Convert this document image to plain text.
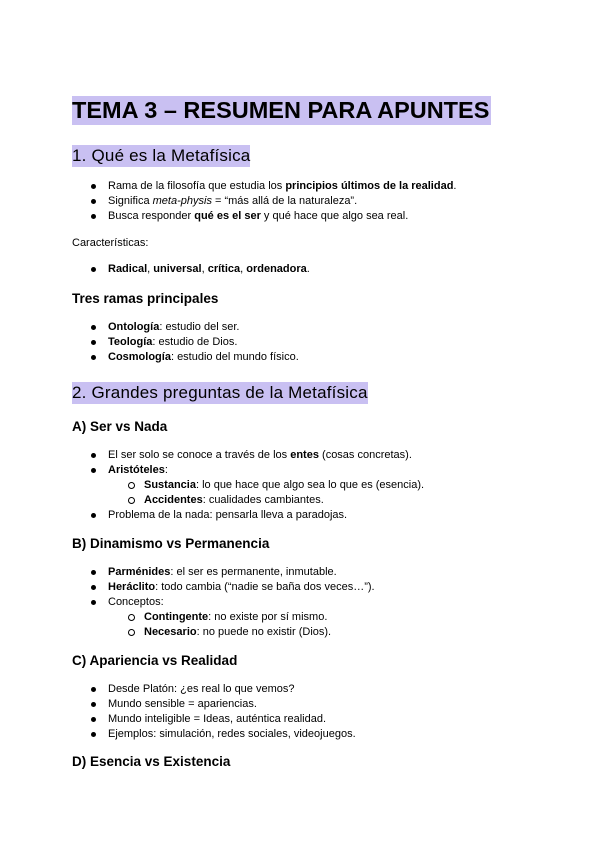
TEMA 3 – RESUMEN PARA APUNTES
1. Qué es la Metafísica
Rama de la filosofía que estudia los principios últimos de la realidad.
Significa meta-physis = “más allá de la naturaleza”.
Busca responder qué es el ser y qué hace que algo sea real.
Características:
Radical, universal, crítica, ordenadora.
Tres ramas principales
Ontología: estudio del ser.
Teología: estudio de Dios.
Cosmología: estudio del mundo físico.
2. Grandes preguntas de la Metafísica
A) Ser vs Nada
El ser solo se conoce a través de los entes (cosas concretas).
Aristóteles:
Sustancia: lo que hace que algo sea lo que es (esencia).
Accidentes: cualidades cambiantes.
Problema de la nada: pensarla lleva a paradojas.
B) Dinamismo vs Permanencia
Parménides: el ser es permanente, inmutable.
Heráclito: todo cambia (“nadie se baña dos veces…”).
Conceptos:
Contingente: no existe por sí mismo.
Necesario: no puede no existir (Dios).
C) Apariencia vs Realidad
Desde Platón: ¿es real lo que vemos?
Mundo sensible = apariencias.
Mundo inteligible = Ideas, auténtica realidad.
Ejemplos: simulación, redes sociales, videojuegos.
D) Esencia vs Existencia
